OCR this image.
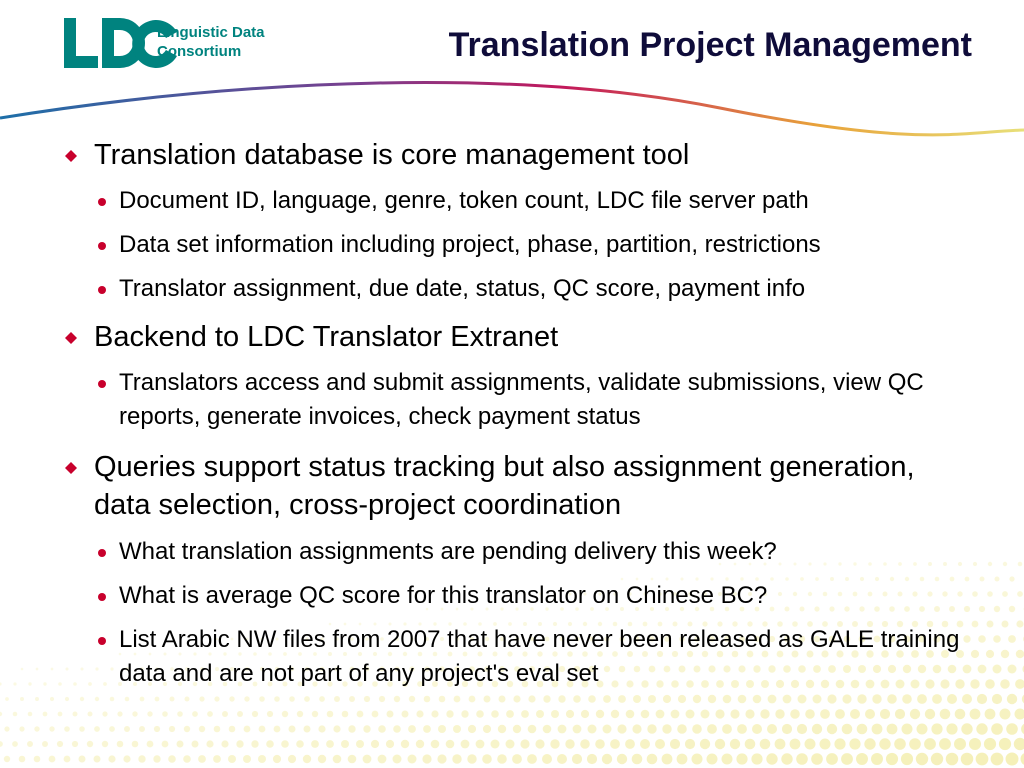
Linguistic Data
Consortium	Translation Project Management
Translation database is core management tool
Document ID, language, genre, token count, LDC file server path
Data set information including project, phase, partition, restrictions
Translator assignment, due date, status, QC score, payment info
Backend to LDC Translator Extranet
Translators access and submit assignments, validate submissions, view QC reports, generate invoices, check payment status
Queries support status tracking but also assignment generation, data selection, cross-project coordination
What translation assignments are pending delivery this week?
What is average QC score for this translator on Chinese BC?
List Arabic NW files from 2007 that have never been released as GALE training data and are not part of any project's eval set
